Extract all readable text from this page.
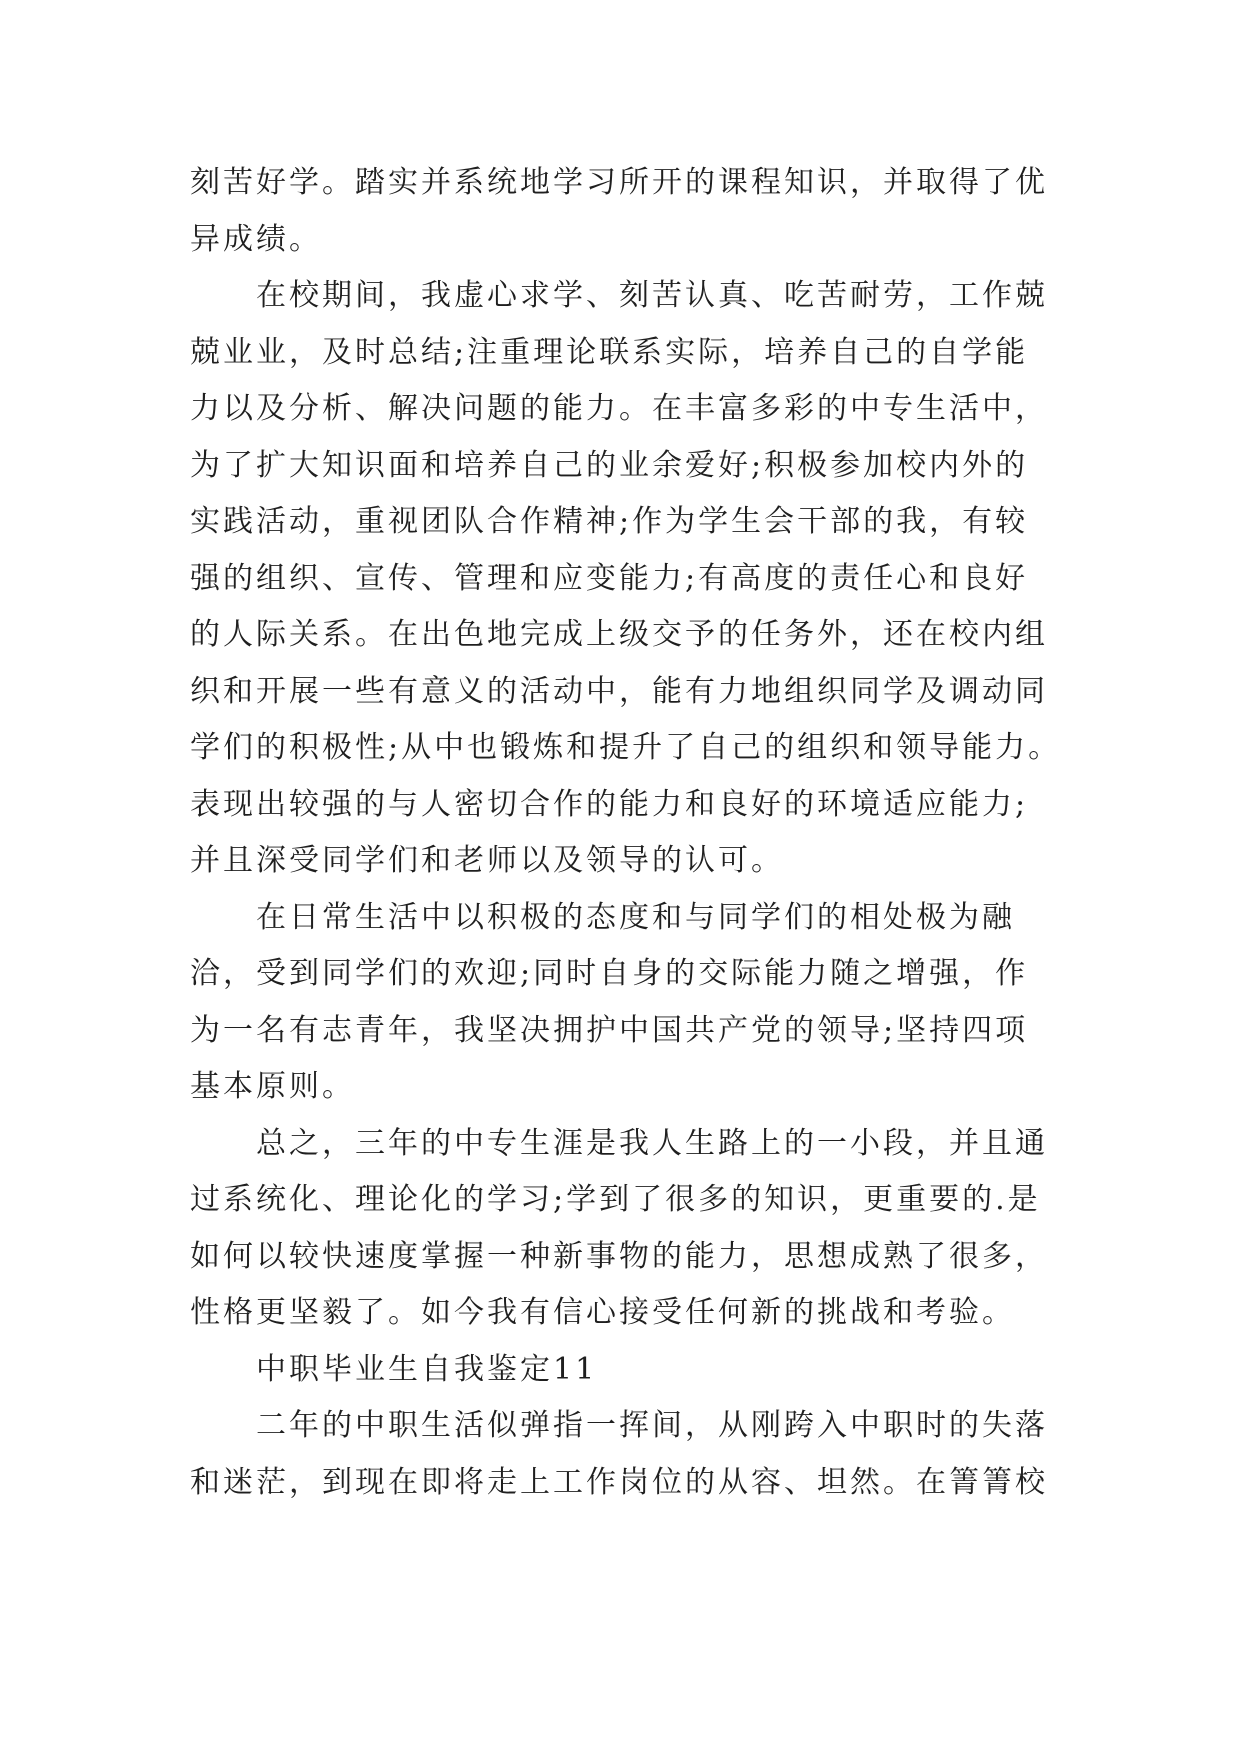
刻苦好学。踏实并系统地学习所开的课程知识，并取得了优
异成绩。
在校期间，我虚心求学、刻苦认真、吃苦耐劳，工作兢
兢业业，及时总结;注重理论联系实际，培养自己的自学能
力以及分析、解决问题的能力。在丰富多彩的中专生活中，
为了扩大知识面和培养自己的业余爱好;积极参加校内外的
实践活动，重视团队合作精神;作为学生会干部的我，有较
强的组织、宣传、管理和应变能力;有高度的责任心和良好
的人际关系。在出色地完成上级交予的任务外，还在校内组
织和开展一些有意义的活动中，能有力地组织同学及调动同
学们的积极性;从中也锻炼和提升了自己的组织和领导能力。
表现出较强的与人密切合作的能力和良好的环境适应能力;
并且深受同学们和老师以及领导的认可。
在日常生活中以积极的态度和与同学们的相处极为融
洽，受到同学们的欢迎;同时自身的交际能力随之增强，作
为一名有志青年，我坚决拥护中国共产党的领导;坚持四项
基本原则。
总之，三年的中专生涯是我人生路上的一小段，并且通
过系统化、理论化的学习;学到了很多的知识，更重要的.是
如何以较快速度掌握一种新事物的能力，思想成熟了很多，
性格更坚毅了。如今我有信心接受任何新的挑战和考验。
中职毕业生自我鉴定11
二年的中职生活似弹指一挥间，从刚跨入中职时的失落
和迷茫，到现在即将走上工作岗位的从容、坦然。在箐箐校
